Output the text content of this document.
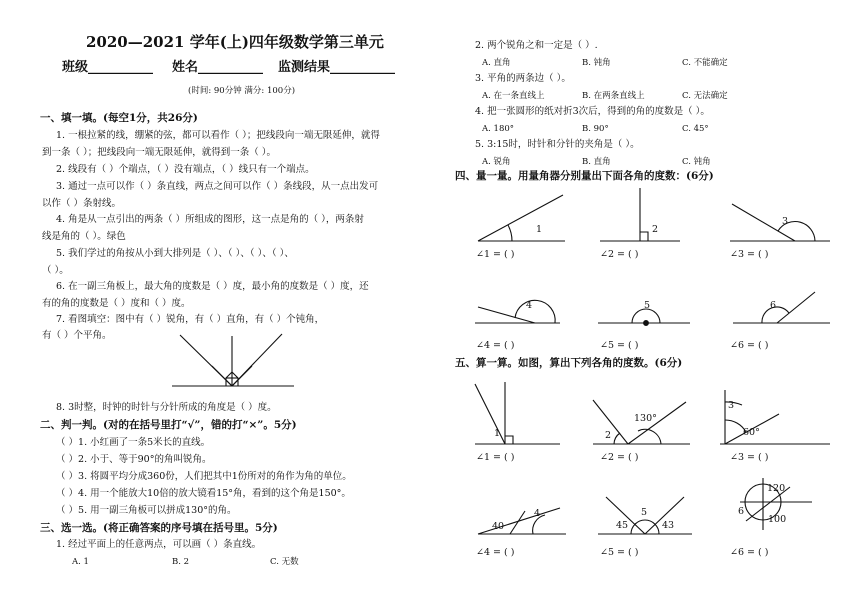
2020—2021 学年(上)四年级数学第三单元
班级__________ 姓名__________ 监测结果__________
(时间: 90分钟 满分: 100分)
一、填一填。(每空1分，共26分)
1. 一根拉紧的线，绷紧的弦，都可以看作（ ）；把线段向一端无限延伸，就得
到一条（ ）；把线段向一端无限延伸，就得到一条（ ）。
2. 线段有（ ）个端点，（ ）没有端点，（ ）线只有一个端点。
3. 通过一点可以作（ ）条直线，两点之间可以作（ ）条线段，从一点出发可
以作（ ）条射线。
4. 角是从一点引出的两条（ ）所组成的图形，这一点是角的（ ），两条射
线是角的（ ）。绿色
5. 我们学过的角按从小到大排列是（ ）、（ ）、（ ）、（ ）、
（ ）。
6. 在一副三角板上，最大角的度数是（ ）度，最小角的度数是（ ）度，还
有的角的度数是（ ）度和（ ）度。
7. 看图填空：图中有（ ）锐角，有（ ）直角，有（ ）个钝角，
有（ ）个平角。
8. 3时整，时钟的时针与分针所成的角度是（ ）度。
二、判一判。(对的在括号里打“√”，错的打“×”。5分)
（ ）1. 小红画了一条5米长的直线。
（ ）2. 小于、等于90°的角叫锐角。
（ ）3. 将圆平均分成360份，人们把其中1份所对的角作为角的单位。
（ ）4. 用一个能放大10倍的放大镜看15°角，看到的这个角是150°。
（ ）5. 用一副三角板可以拼成130°的角。
三、选一选。(将正确答案的序号填在括号里。5分)
1. 经过平面上的任意两点，可以画（ ）条直线。
A. 1	B. 2	C. 无数
2. 两个锐角之和一定是（ ）.
A. 直角	B. 钝角	C. 不能确定
3. 平角的两条边（ ）。
A. 在一条直线上	B. 在两条直线上	C. 无法确定
4. 把一张圆形的纸对折3次后，得到的角的度数是（ ）。
A. 180°	B. 90°	C. 45°
5. 3:15时，时针和分针的夹角是（ ）。
A. 锐角	B. 直角	C. 钝角
四、量一量。用量角器分别量出下面各角的度数：(6分)
1	2
3
4	5	6
∠1 = ( )	∠2 = ( )	∠3 = ( )
∠4 = ( )	∠5 = ( )	∠6 = ( )
五、算一算。如图，算出下列各角的度数。(6分)
1	2
130°
3
60°
40
4
45
5
43
120
6
100
∠1 = ( )	∠2 = ( )	∠3 = ( )
∠4 = ( )	∠5 = ( )	∠6 = ( )
